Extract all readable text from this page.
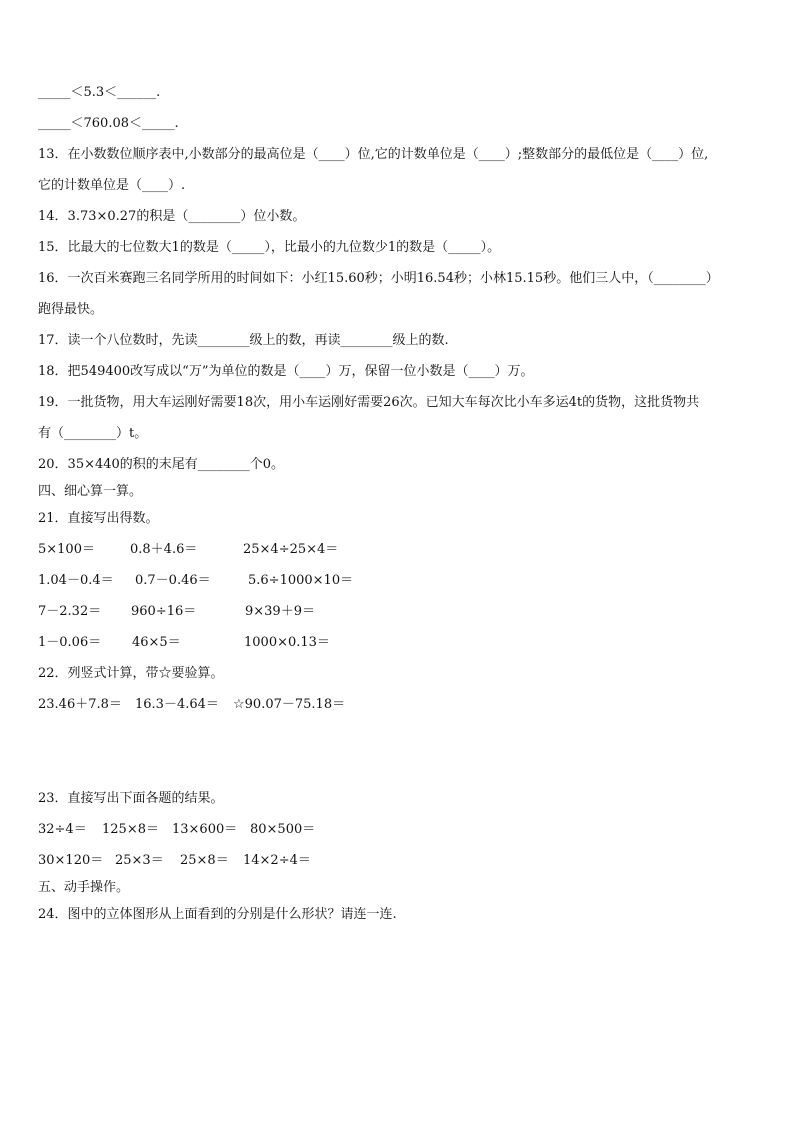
_____＜5.3＜______.
_____＜760.08＜_____.
13．在小数数位顺序表中,小数部分的最高位是（____）位,它的计数单位是（____）;整数部分的最低位是（____）位,
它的计数单位是（____）.
14．3.73×0.27的积是（________）位小数。
15．比最大的七位数大1的数是（_____），比最小的九位数少1的数是（_____）。
16．一次百米赛跑三名同学所用的时间如下：小红15.60秒；小明16.54秒；小林15.15秒。他们三人中，（________）
跑得最快。
17．读一个八位数时，先读________级上的数，再读________级上的数.
18．把549400改写成以“万”为单位的数是（____）万，保留一位小数是（____）万。
19．一批货物，用大车运刚好需要18次，用小车运刚好需要26次。已知大车每次比小车多运4t的货物，这批货物共
有（________）t。
20．35×440的积的末尾有________个0。
四、细心算一算。
21．直接写出得数。
5×100＝	0.8＋4.6＝	25×4÷25×4＝
1.04－0.4＝ 0.7－0.46＝	5.6÷1000×10＝
7－2.32＝ 960÷16＝	9×39＋9＝
1－0.06＝ 46×5＝	1000×0.13＝
22．列竖式计算，带☆要验算。
23.46＋7.8＝ 16.3－4.64＝ ☆90.07－75.18＝
23．直接写出下面各题的结果。
32÷4＝ 125×8＝ 13×600＝ 80×500＝
30×120＝ 25×3＝ 25×8＝ 14×2÷4＝
五、动手操作。
24．图中的立体图形从上面看到的分别是什么形状？请连一连.
